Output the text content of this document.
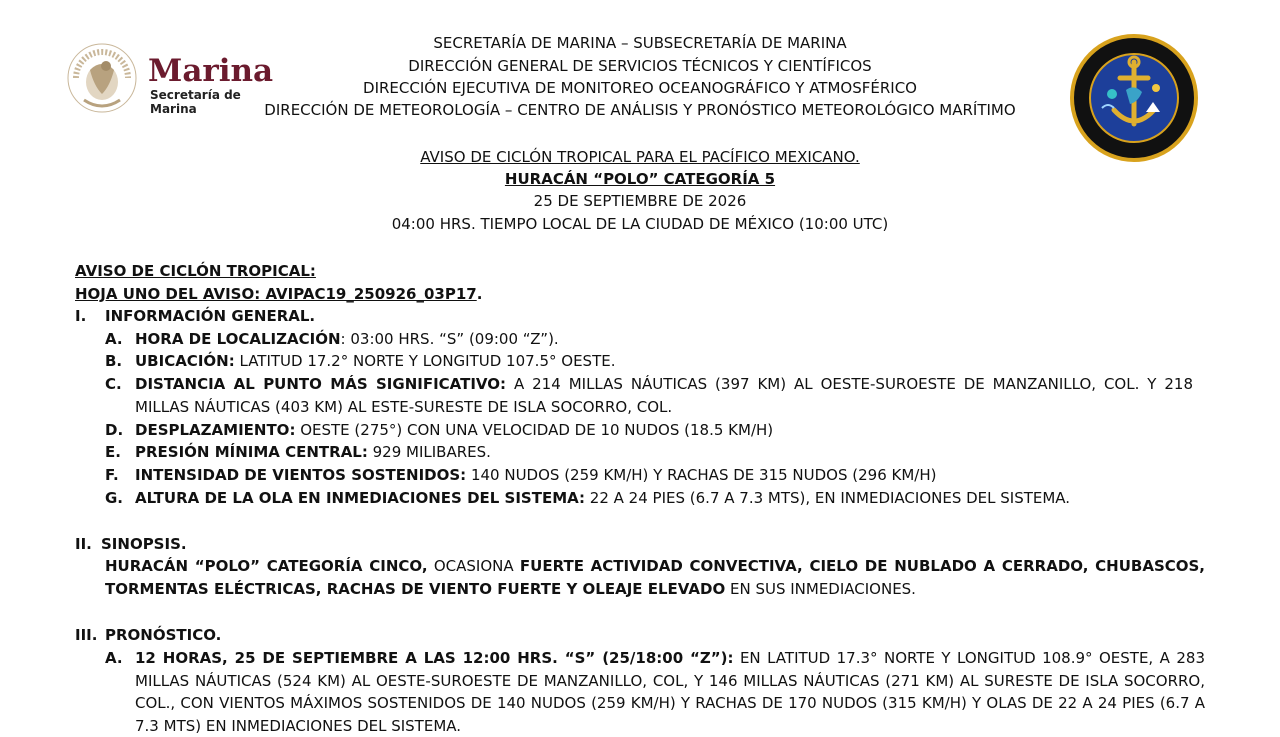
Marina
Secretaría de Marina
SECRETARÍA DE MARINA – SUBSECRETARÍA DE MARINA
DIRECCIÓN GENERAL DE SERVICIOS TÉCNICOS Y CIENTÍFICOS
DIRECCIÓN EJECUTIVA DE MONITOREO OCEANOGRÁFICO Y ATMOSFÉRICO
DIRECCIÓN DE METEOROLOGÍA – CENTRO DE ANÁLISIS Y PRONÓSTICO METEOROLÓGICO MARÍTIMO
AVISO DE CICLÓN TROPICAL PARA EL PACÍFICO MEXICANO.
HURACÁN “POLO” CATEGORÍA 5
25 DE SEPTIEMBRE DE 2026
04:00 HRS. TIEMPO LOCAL DE LA CIUDAD DE MÉXICO (10:00 UTC)
AVISO DE CICLÓN TROPICAL:
HOJA UNO DEL AVISO: AVIPAC19_250926_03P17.
I. INFORMACIÓN GENERAL.
A. HORA DE LOCALIZACIÓN: 03:00 HRS. “S” (09:00 “Z”).
B. UBICACIÓN: LATITUD 17.2° NORTE Y LONGITUD 107.5° OESTE.
C. DISTANCIA AL PUNTO MÁS SIGNIFICATIVO: A 214 MILLAS NÁUTICAS (397 KM) AL OESTE-SUROESTE DE MANZANILLO, COL. Y 218 MILLAS NÁUTICAS (403 KM) AL ESTE-SURESTE DE ISLA SOCORRO, COL.
D. DESPLAZAMIENTO: OESTE (275°) CON UNA VELOCIDAD DE 10 NUDOS (18.5 KM/H)
E. PRESIÓN MÍNIMA CENTRAL: 929 MILIBARES.
F. INTENSIDAD DE VIENTOS SOSTENIDOS: 140 NUDOS (259 KM/H) Y RACHAS DE 315 NUDOS (296 KM/H)
G. ALTURA DE LA OLA EN INMEDIACIONES DEL SISTEMA: 22 A 24 PIES (6.7 A 7.3 MTS), EN INMEDIACIONES DEL SISTEMA.
II. SINOPSIS.
HURACÁN “POLO” CATEGORÍA CINCO, OCASIONA FUERTE ACTIVIDAD CONVECTIVA, CIELO DE NUBLADO A CERRADO, CHUBASCOS, TORMENTAS ELÉCTRICAS, RACHAS DE VIENTO FUERTE Y OLEAJE ELEVADO EN SUS INMEDIACIONES.
III. PRONÓSTICO.
A. 12 HORAS, 25 DE SEPTIEMBRE A LAS 12:00 HRS. “S” (25/18:00 “Z”): EN LATITUD 17.3° NORTE Y LONGITUD 108.9° OESTE, A 283 MILLAS NÁUTICAS (524 KM) AL OESTE-SUROESTE DE MANZANILLO, COL, Y 146 MILLAS NÁUTICAS (271 KM) AL SURESTE DE ISLA SOCORRO, COL., CON VIENTOS MÁXIMOS SOSTENIDOS DE 140 NUDOS (259 KM/H) Y RACHAS DE 170 NUDOS (315 KM/H) Y OLAS DE 22 A 24 PIES (6.7 A 7.3 MTS) EN INMEDIACIONES DEL SISTEMA.
